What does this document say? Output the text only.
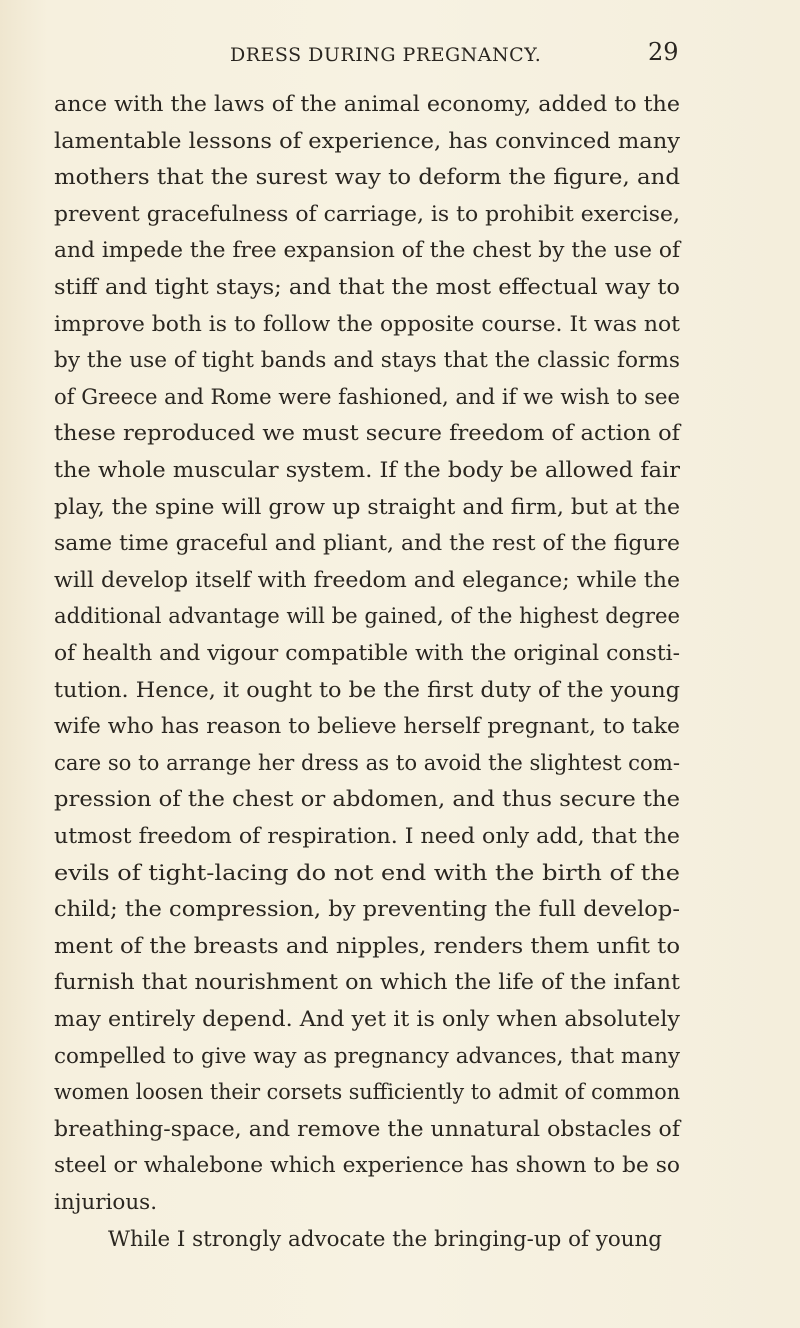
DRESS DURING PREGNANCY.	29
ance with the laws of the animal economy, added to the
lamentable lessons of experience, has convinced many
mothers that the surest way to deform the figure, and
prevent gracefulness of carriage, is to prohibit exercise,
and impede the free expansion of the chest by the use of
stiff and tight stays; and that the most effectual way to
improve both is to follow the opposite course. It was not
by the use of tight bands and stays that the classic forms
of Greece and Rome were fashioned, and if we wish to see
these reproduced we must secure freedom of action of
the whole muscular system. If the body be allowed fair
play, the spine will grow up straight and firm, but at the
same time graceful and pliant, and the rest of the figure
will develop itself with freedom and elegance; while the
additional advantage will be gained, of the highest degree
of health and vigour compatible with the original consti-
tution. Hence, it ought to be the first duty of the young
wife who has reason to believe herself pregnant, to take
care so to arrange her dress as to avoid the slightest com-
pression of the chest or abdomen, and thus secure the
utmost freedom of respiration. I need only add, that the
evils of tight-lacing do not end with the birth of the
child; the compression, by preventing the full develop-
ment of the breasts and nipples, renders them unfit to
furnish that nourishment on which the life of the infant
may entirely depend. And yet it is only when absolutely
compelled to give way as pregnancy advances, that many
women loosen their corsets sufficiently to admit of common
breathing-space, and remove the unnatural obstacles of
steel or whalebone which experience has shown to be so
injurious.
While I strongly advocate the bringing-up of young
